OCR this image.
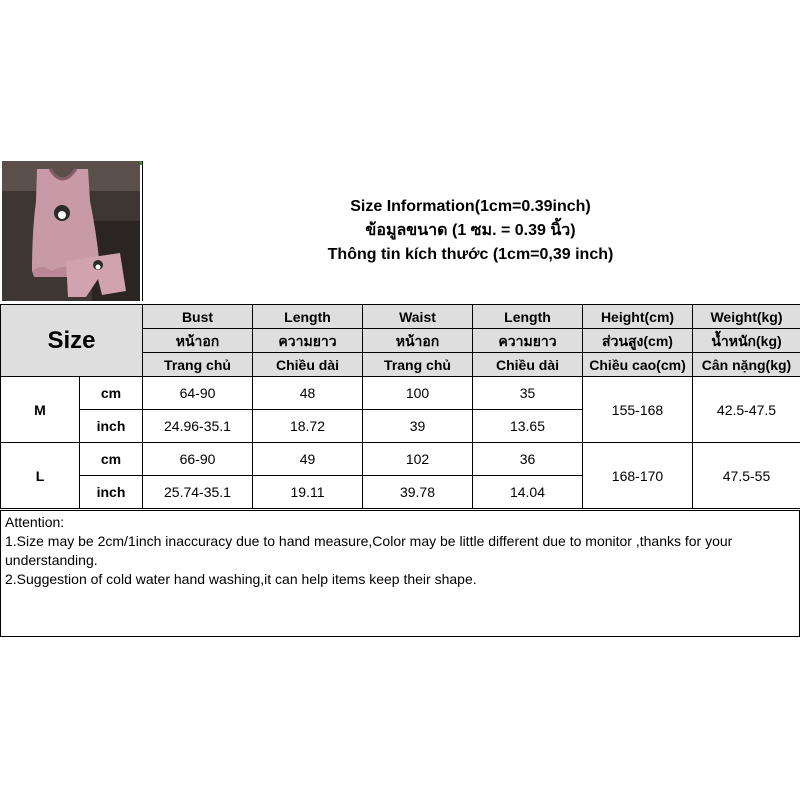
Size Information(1cm=0.39inch)
ข้อมูลขนาด (1 ซม. = 0.39 นิ้ว)
Thông tin kích thước (1cm=0,39 inch)
Size		Bust	Length	Waist	Length	Height(cm)	Weight(kg)
		หน้าอก	ความยาว	หน้าอก	ความยาว	ส่วนสูง(cm)	น้ำหนัก(kg)
		Trang chủ	Chiều dài	Trang chủ	Chiều dài	Chiều cao(cm)	Cân nặng(kg)
M	cm	64-90	48	100	35	155-168	42.5-47.5
	inch	24.96-35.1	18.72	39	13.65		
L	cm	66-90	49	102	36	168-170	47.5-55
	inch	25.74-35.1	19.11	39.78	14.04		
Attention:
1.Size may be 2cm/1inch inaccuracy due to hand measure,Color may be little different due to monitor ,thanks for your understanding.
2.Suggestion of cold water hand washing,it can help items keep their shape.
